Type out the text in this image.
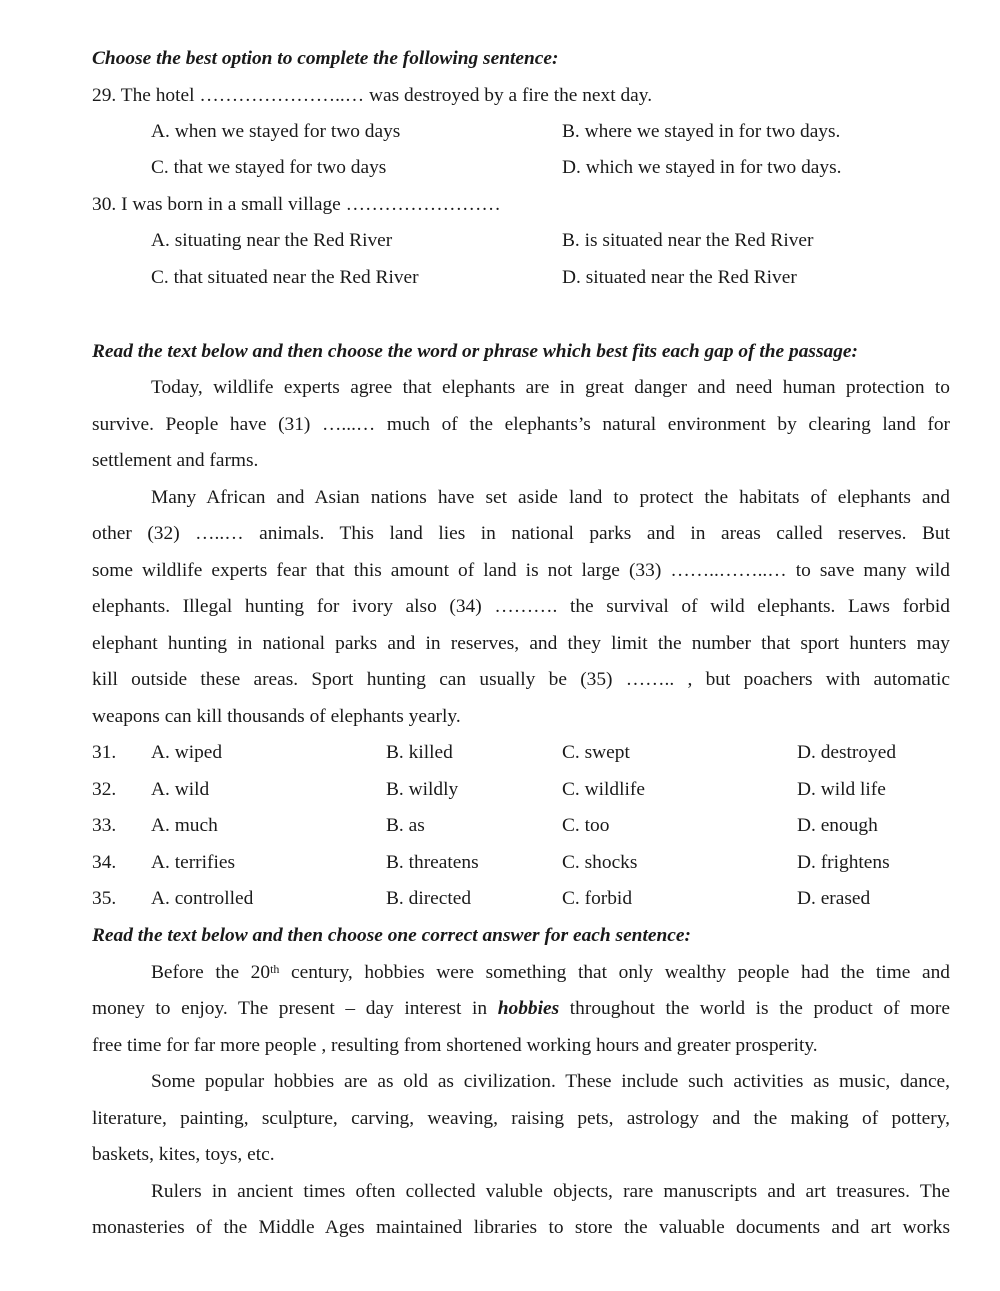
Choose the best option to complete the following sentence:
29. The hotel …………………..… was destroyed by a fire the next day.
A. when we stayed for two days	B. where we stayed in for two days.
C. that we stayed for two days	D. which we stayed in for two days.
30. I was born in a small village ……………………
A. situating near the Red River	B. is situated near the Red River
C. that situated near the Red River	D. situated near the Red River
Read the text below and then choose the word or phrase which best fits each gap of the passage:
Today, wildlife experts agree that elephants are in great danger and need human protection to
survive. People have (31) …...… much of the elephants’s natural environment by clearing land for
settlement and farms.
Many African and Asian nations have set aside land to protect the habitats of elephants and
other (32) …..… animals. This land lies in national parks and in areas called reserves. But
some wildlife experts fear that this amount of land is not large (33) ……..……..… to save many wild
elephants. Illegal hunting for ivory also (34) ………. the survival of wild elephants. Laws forbid
elephant hunting in national parks and in reserves, and they limit the number that sport hunters may
kill outside these areas. Sport hunting can usually be (35) …….. , but poachers with automatic
weapons can kill thousands of elephants yearly.
31. A. wiped	B. killed	C. swept	D. destroyed
32. A. wild	B. wildly	C. wildlife	D. wild life
33. A. much	B. as	C. too	D. enough
34. A. terrifies	B. threatens	C. shocks	D. frightens
35. A. controlled	B. directed	C. forbid	D. erased
Read the text below and then choose one correct answer for each sentence:
Before the 20th century, hobbies were something that only wealthy people had the time and
money to enjoy. The present – day interest in hobbies throughout the world is the product of more
free time for far more people , resulting from shortened working hours and greater prosperity.
Some popular hobbies are as old as civilization. These include such activities as music, dance,
literature, painting, sculpture, carving, weaving, raising pets, astrology and the making of pottery,
baskets, kites, toys, etc.
Rulers in ancient times often collected valuble objects, rare manuscripts and art treasures. The
monasteries of the Middle Ages maintained libraries to store the valuable documents and art works
